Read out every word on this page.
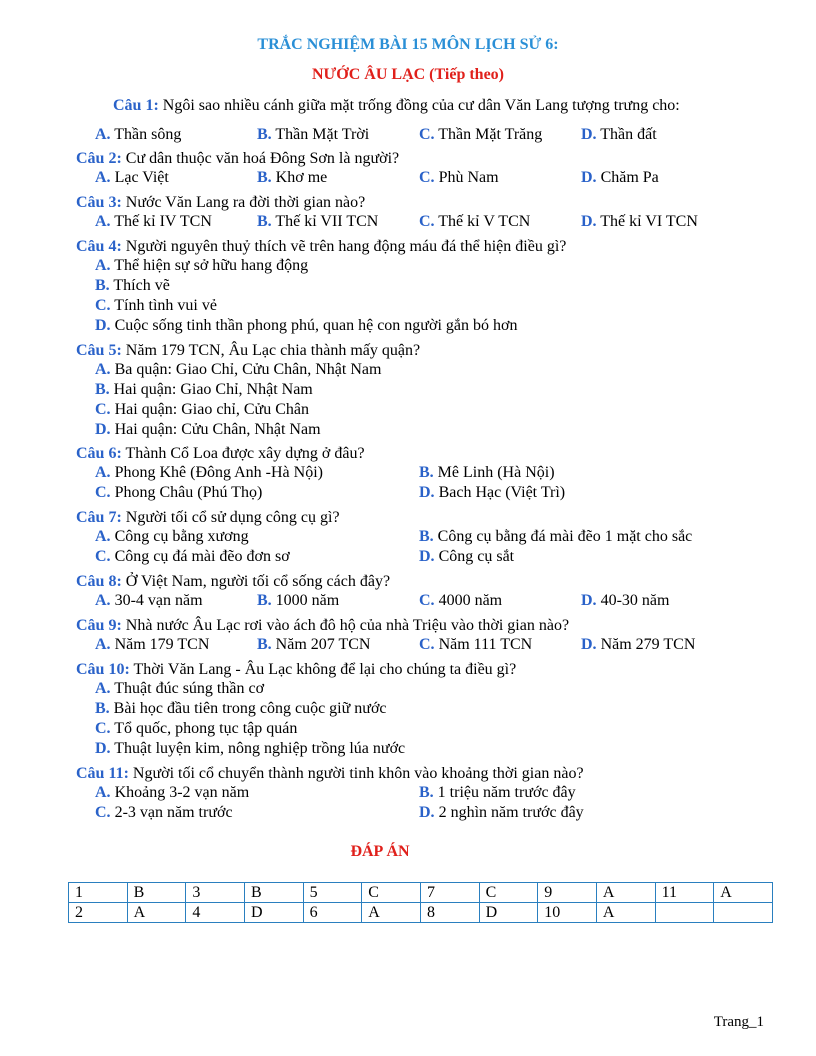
TRẮC NGHIỆM BÀI 15 MÔN LỊCH SỬ 6:
NƯỚC ÂU LẠC (Tiếp theo)
Câu 1: Ngôi sao nhiều cánh giữa mặt trống đồng của cư dân Văn Lang tượng trưng cho:
A. Thần sông	B. Thần Mặt Trời	C. Thần Mặt Trăng D. Thần đất
Câu 2: Cư dân thuộc văn hoá Đông Sơn là người?
A. Lạc Việt	B. Khơ me	C. Phù Nam	D. Chăm Pa
Câu 3: Nước Văn Lang ra đời thời gian nào?
A. Thế kỉ IV TCN	B. Thế kỉ VII TCN	C. Thế kỉ V TCN	D. Thế kỉ VI TCN
Câu 4: Người nguyên thuỷ thích vẽ trên hang động máu đá thể hiện điều gì?
A. Thể hiện sự sở hữu hang động
B. Thích vẽ
C. Tính tình vui vẻ
D. Cuộc sống tinh thần phong phú, quan hệ con người gắn bó hơn
Câu 5: Năm 179 TCN, Âu Lạc chia thành mấy quận?
A. Ba quận: Giao Chỉ, Cửu Chân, Nhật Nam
B. Hai quận: Giao Chỉ, Nhật Nam
C. Hai quận: Giao chỉ, Cửu Chân
D. Hai quận: Cửu Chân, Nhật Nam
Câu 6: Thành Cổ Loa được xây dựng ở đâu?
A. Phong Khê (Đông Anh -Hà Nội)	B. Mê Linh (Hà Nội)
C. Phong Châu (Phú Thọ)	D. Bach Hạc (Việt Trì)
Câu 7: Người tối cổ sử dụng công cụ gì?
A. Công cụ bằng xương	B. Công cụ bằng đá mài đẽo 1 mặt cho sắc
C. Công cụ đá mài đẽo đơn sơ	D. Công cụ sắt
Câu 8: Ở Việt Nam, người tối cổ sống cách đây?
A. 30-4 vạn năm	B. 1000 năm	C. 4000 năm	D. 40-30 năm
Câu 9: Nhà nước Âu Lạc rơi vào ách đô hộ của nhà Triệu vào thời gian nào?
A. Năm 179 TCN	B. Năm 207 TCN	C. Năm 111 TCN	D. Năm 279 TCN
Câu 10: Thời Văn Lang - Âu Lạc không để lại cho chúng ta điều gì?
A. Thuật đúc súng thần cơ
B. Bài học đầu tiên trong công cuộc giữ nước
C. Tổ quốc, phong tục tập quán
D. Thuật luyện kim, nông nghiệp trồng lúa nước
Câu 11: Người tối cổ chuyển thành người tinh khôn vào khoảng thời gian nào?
A. Khoảng 3-2 vạn năm	B. 1 triệu năm trước đây
C. 2-3 vạn năm trước	D. 2 nghìn năm trước đây
ĐÁP ÁN
1	B	3	B	5	C	7	C	9	A	11	A
2	A	4	D	6	A	8	D	10	A		
Trang_1
